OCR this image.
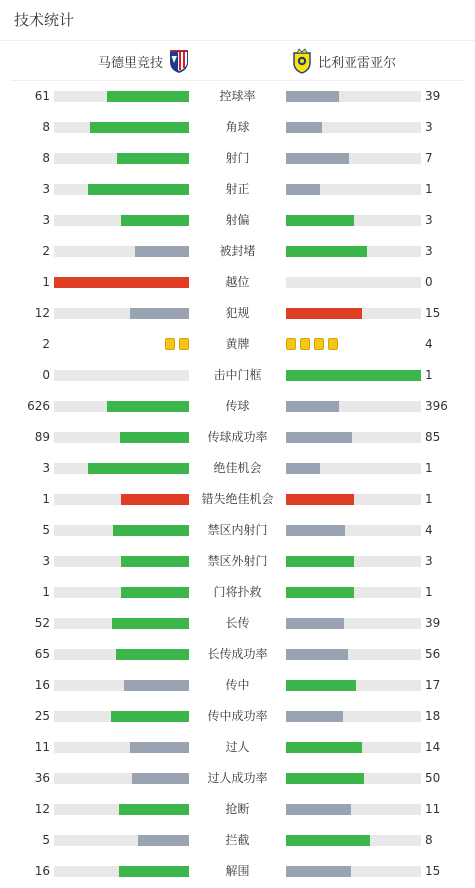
技术统计
马德里竞技	比利亚雷亚尔
61	控球率	39
8	角球	3
8	射门	7
3	射正	1
3	射偏	3
2	被封堵	3
1	越位	0
12	犯规	15
2	黄牌	4
0	击中门框	1
626	传球	396
89	传球成功率	85
3	绝佳机会	1
1	错失绝佳机会	1
5	禁区内射门	4
3	禁区外射门	3
1	门将扑救	1
52	长传	39
65	长传成功率	56
16	传中	17
25	传中成功率	18
11	过人	14
36	过人成功率	50
12	抢断	11
5	拦截	8
16	解围	15
